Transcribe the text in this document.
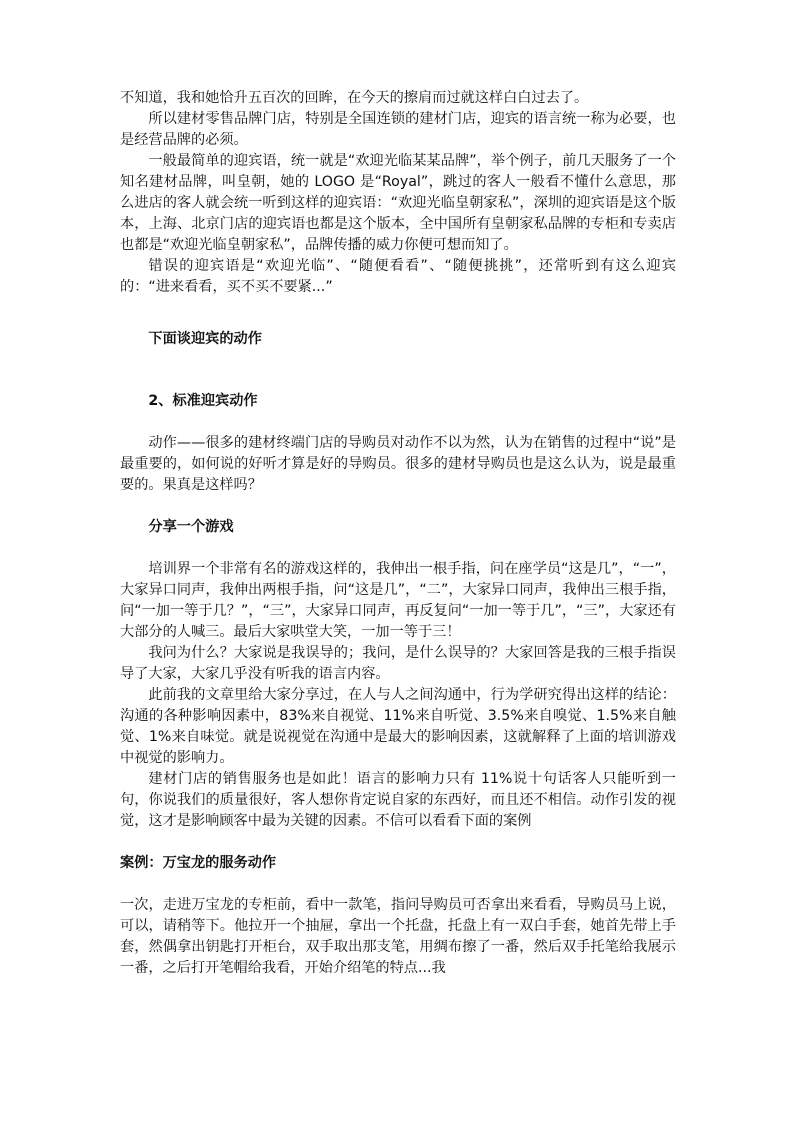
不知道，我和她恰升五百次的回眸，在今天的擦肩而过就这样白白过去了。

所以建材零售品牌门店，特别是全国连锁的建材门店，迎宾的语言统一称为必要，也是经营品牌的必须。

一般最简单的迎宾语，统一就是“欢迎光临某某品牌”，举个例子，前几天服务了一个知名建材品牌，叫皇朝，她的 LOGO 是“Royal”，跳过的客人一般看不懂什么意思，那么进店的客人就会统一听到这样的迎宾语：“欢迎光临皇朝家私”，深圳的迎宾语是这个版本，上海、北京门店的迎宾语也都是这个版本，全中国所有皇朝家私品牌的专柜和专卖店也都是“欢迎光临皇朝家私”，品牌传播的威力你便可想而知了。

错误的迎宾语是“欢迎光临”、“随便看看”、“随便挑挑”，还常听到有这么迎宾的：“进来看看，买不买不要紧...”

下面谈迎宾的动作

2、标准迎宾动作

动作——很多的建材终端门店的导购员对动作不以为然，认为在销售的过程中“说”是最重要的，如何说的好听才算是好的导购员。很多的建材导购员也是这么认为，说是最重要的。果真是这样吗？

分享一个游戏

培训界一个非常有名的游戏这样的，我伸出一根手指，问在座学员“这是几”，“一”，大家异口同声，我伸出两根手指，问“这是几”，“二”，大家异口同声，我伸出三根手指，问“一加一等于几？”，“三”，大家异口同声，再反复问“一加一等于几”，“三”，大家还有大部分的人喊三。最后大家哄堂大笑，一加一等于三！

我问为什么？大家说是我误导的；我问，是什么误导的？大家回答是我的三根手指误导了大家，大家几乎没有听我的语言内容。

此前我的文章里给大家分享过，在人与人之间沟通中，行为学研究得出这样的结论：沟通的各种影响因素中，83%来自视觉、11%来自听觉、3.5%来自嗅觉、1.5%来自触觉、1%来自味觉。就是说视觉在沟通中是最大的影响因素，这就解释了上面的培训游戏中视觉的影响力。

建材门店的销售服务也是如此！语言的影响力只有 11%说十句话客人只能听到一句，你说我们的质量很好，客人想你肯定说自家的东西好，而且还不相信。动作引发的视觉，这才是影响顾客中最为关键的因素。不信可以看看下面的案例

案例：万宝龙的服务动作

一次，走进万宝龙的专柜前，看中一款笔，指问导购员可否拿出来看看，导购员马上说，可以，请稍等下。他拉开一个抽屉，拿出一个托盘，托盘上有一双白手套，她首先带上手套，然偶拿出钥匙打开柜台，双手取出那支笔，用绸布擦了一番，然后双手托笔给我展示一番，之后打开笔帽给我看，开始介绍笔的特点...我
